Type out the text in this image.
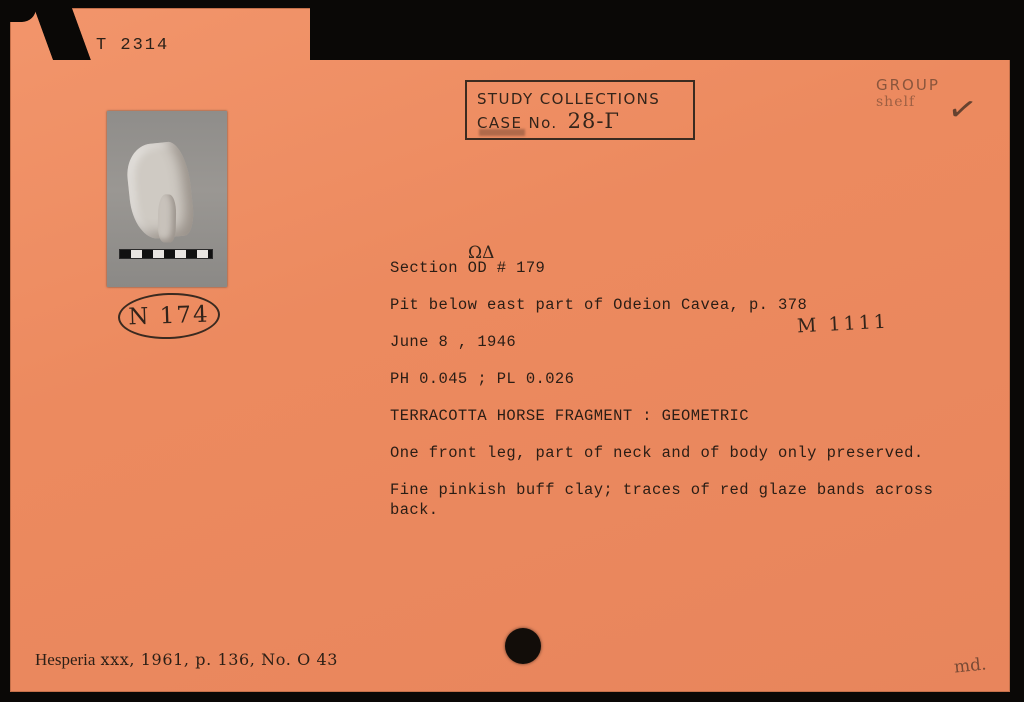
T 2314
N 174
STUDY COLLECTIONS
CASE No. 28-Γ
GROUP
shelf ✓
ΩΔ
M 1111

Section OD # 179

Pit below east part of Odeion Cavea, p. 378

June 8 , 1946

PH 0.045 ; PL 0.026

TERRACOTTA HORSE FRAGMENT : GEOMETRIC

One front leg, part of neck and of body only preserved.

Fine pinkish buff clay; traces of red glaze bands across

back.

Hesperia xxx, 1961, p. 136, No. O 43	md.
